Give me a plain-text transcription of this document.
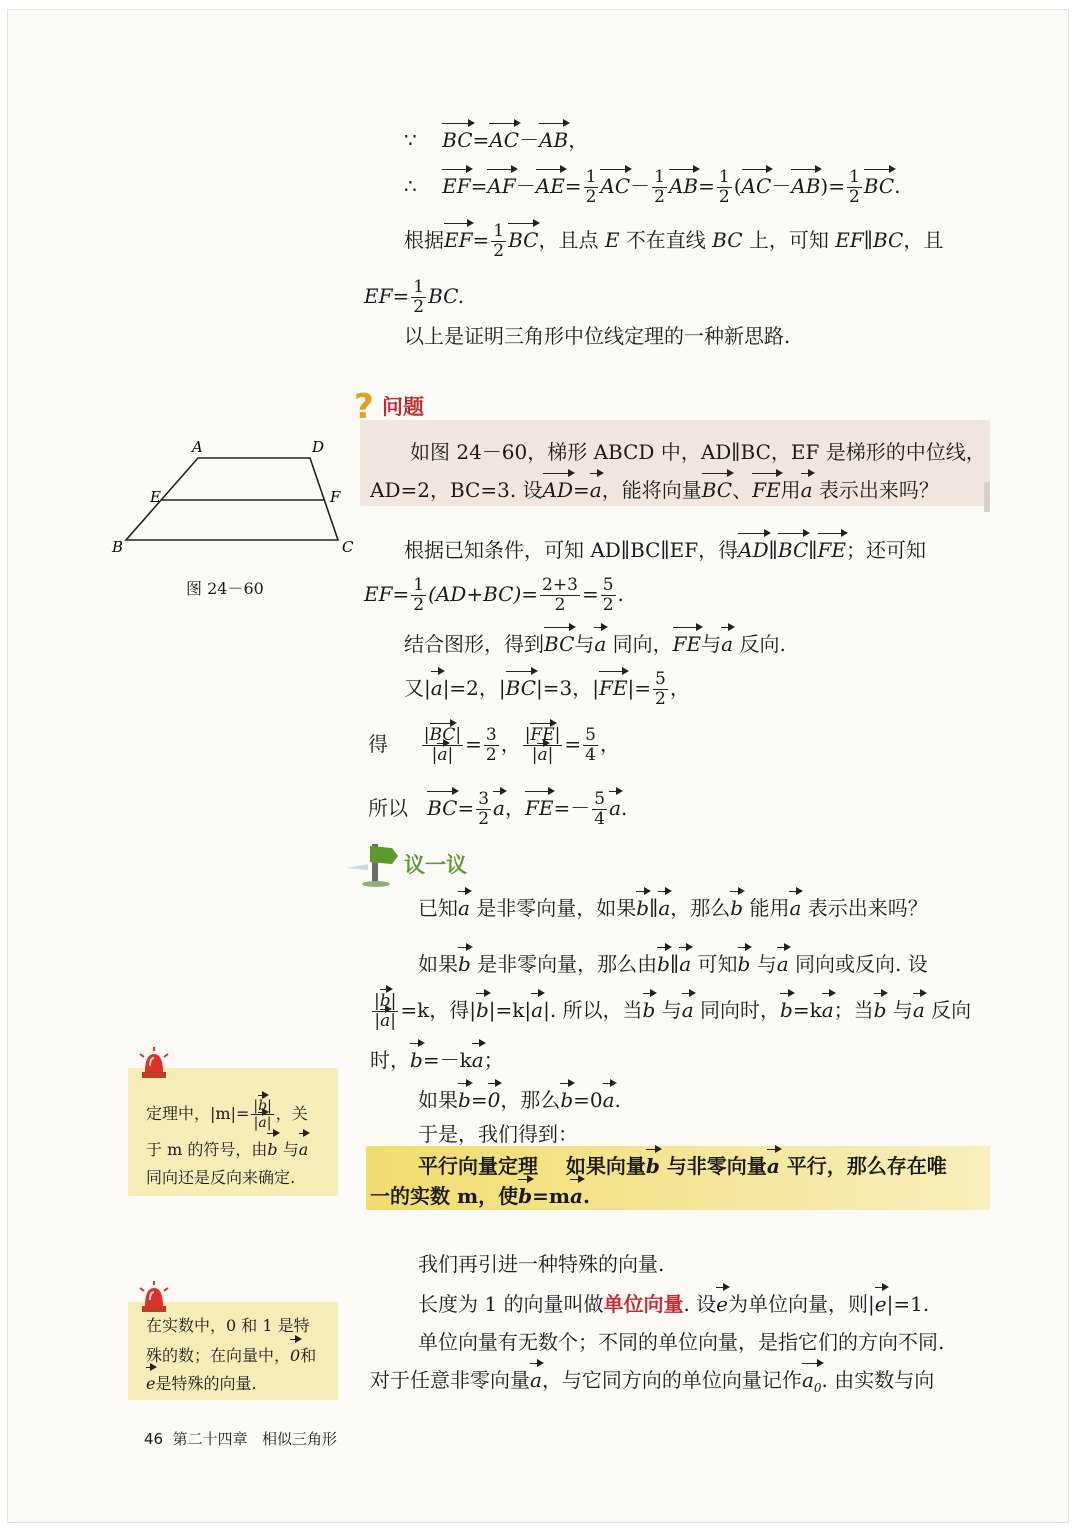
∵ BC=AC－AB，
∴ $EF=AF-AE= \frac{1}{2} AC- \frac{1}{2} AB= \frac{1}{2} (AC-AB)= \frac{1}{2}$ BC.
根据$EF= \frac{1}{2}$ BC，且点 E 不在直线 BC 上，可知 EF∥BC，且
$EF= \frac{1}{2}$ BC.
以上是证明三角形中位线定理的一种新思路.
? 问题
如图 24－60，梯形 ABCD 中，AD∥BC，EF 是梯形的中位线，
AD=2，BC=3. 设AD=a，能将向量BC、FE用a 表示出来吗？
A	D
E	F
B	C
图 24－60
根据已知条件，可知 AD∥BC∥EF，得AD∥BC∥FE；还可知
$EF= \frac{1}{2} (AD+BC)= \frac{2+3}{2} = \frac{5}{2}$ .
结合图形，得到BC与a 同向，FE与a 反向.
又|a|=2，|BC|=3，$|FE|= \frac{5}{2}$ ，
得 $\frac{|BC|}{|a|} = \frac{3}{2}$ ， $\frac{|FE|}{|a|} = \frac{5}{4}$ ，
所以 $BC= \frac{3}{2}$ a，$FE=- \frac{5}{4} a$.
议一议
已知a 是非零向量，如果b∥a，那么b 能用a 表示出来吗？
如果b 是非零向量，那么由b∥a 可知b 与a 同向或反向. 设
$\frac{|b|}{|a|} =k$，得|b|=k|a|. 所以，当b 与a 同向时，b=ka；当b 与a 反向
时，b=－ka；
如果b=0，那么b=0a.
于是，我们得到：
平行向量定理 如果向量b 与非零向量a 平行，那么存在唯
一的实数 m，使b=ma.
我们再引进一种特殊的向量.
长度为 1 的向量叫做单位向量. 设e为单位向量，则|e|=1.
单位向量有无数个；不同的单位向量，是指它们的方向不同.
对于任意非零向量a，与它同方向的单位向量记作$a_0$. 由实数与向
定理中，$|m|= \frac{|b|}{|a|}$ ，关
于 m 的符号，由b 与a
同向还是反向来确定.
在实数中，0 和 1 是特
殊的数；在向量中，0和
e是特殊的向量.
46 第二十四章 相似三角形
